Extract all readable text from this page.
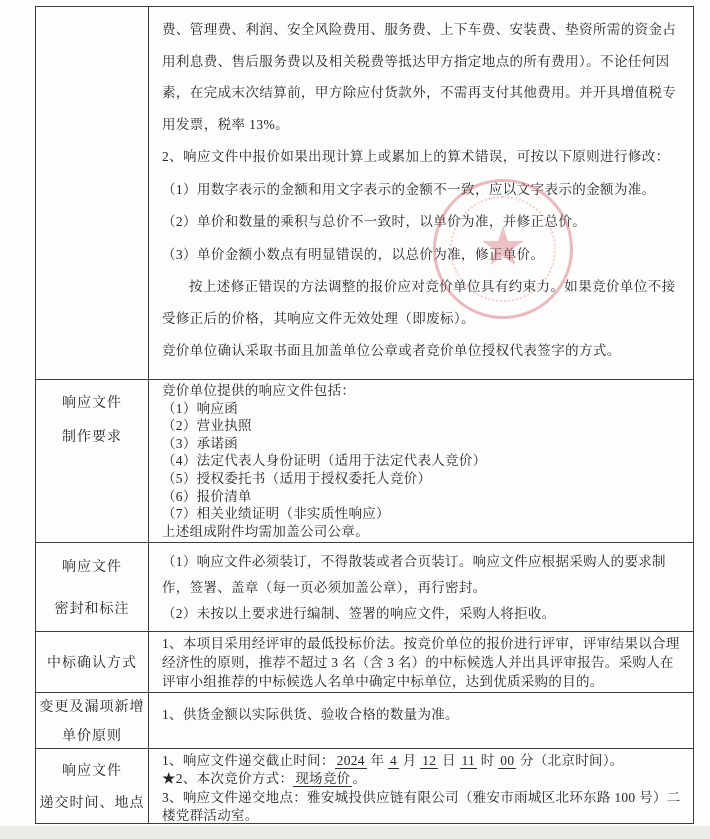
费、管理费、利润、安全风险费用、服务费、上下车费、安装费、垫资所需的资金占用利息费、售后服务费以及相关税费等抵达甲方指定地点的所有费用）。不论任何因素，在完成末次结算前，甲方除应付货款外，不需再支付其他费用。并开具增值税专用发票，税率 13%。

2、响应文件中报价如果出现计算上或累加上的算术错误，可按以下原则进行修改：

（1）用数字表示的金额和用文字表示的金额不一致，应以文字表示的金额为准。

（2）单价和数量的乘积与总价不一致时，以单价为准，并修正总价。

（3）单价金额小数点有明显错误的，以总价为准，修正单价。

按上述修正错误的方法调整的报价应对竞价单位具有约束力。如果竞价单位不接受修正后的价格，其响应文件无效处理（即废标）。

竞价单位确认采取书面且加盖单位公章或者竞价单位授权代表签字的方式。

响应文件
制作要求

竞价单位提供的响应文件包括：

（1）响应函

（2）营业执照

（3）承诺函

（4）法定代表人身份证明（适用于法定代表人竞价）

（5）授权委托书（适用于授权委托人竞价）

（6）报价清单

（7）相关业绩证明（非实质性响应）

上述组成附件均需加盖公司公章。

响应文件
密封和标注

（1）响应文件必须装订，不得散装或者合页装订。响应文件应根据采购人的要求制作，签署、盖章（每一页必须加盖公章），再行密封。

（2）未按以上要求进行编制、签署的响应文件，采购人将拒收。

中标确认方式

1、本项目采用经评审的最低投标价法。按竞价单位的报价进行评审，评审结果以合理经济性的原则，推荐不超过 3 名（含 3 名）的中标候选人并出具评审报告。采购人在评审小组推荐的中标候选人名单中确定中标单位，达到优质采购的目的。

变更及漏项新增
单价原则

1、供货金额以实际供货、验收合格的数量为准。

响应文件
递交时间、地点

1、响应文件递交截止时间： 2024 年 4 月 12 日 11 时 00 分（北京时间）。

★2、本次竞价方式： 现场竞价 。

3、响应文件递交地点：雅安城投供应链有限公司（雅安市雨城区北环东路 100 号）二楼党群活动室。

★
